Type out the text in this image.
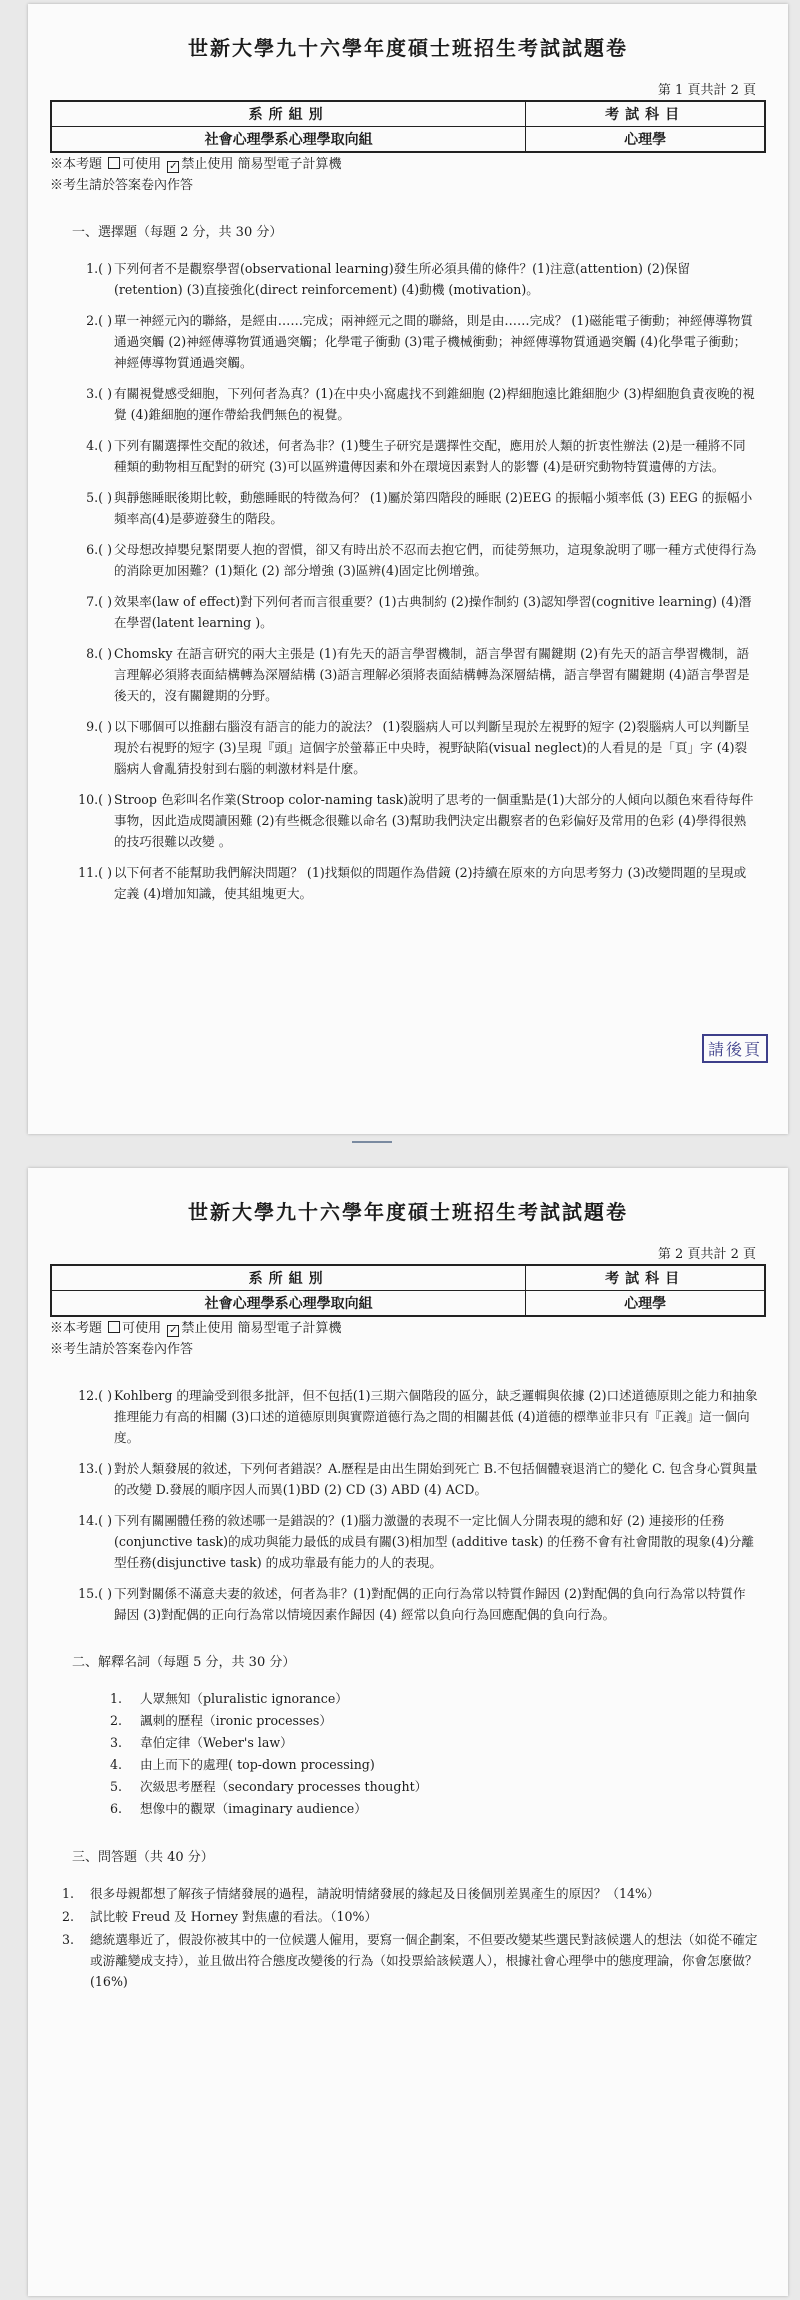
世新大學九十六學年度碩士班招生考試試題卷
第 1 頁共計 2 頁
系所組別	考試科目
社會心理學系心理學取向組	心理學
※本考題 可使用 ✓ 禁止使用 簡易型電子計算機
※考生請於答案卷內作答
一、選擇題（每題 2 分，共 30 分）
1.( ) 下列何者不是觀察學習(observational learning)發生所必須具備的條件？(1)注意(attention) (2)保留(retention) (3)直接強化(direct reinforcement) (4)動機 (motivation)。
2.( ) 單一神經元內的聯絡，是經由……完成；兩神經元之間的聯絡，則是由……完成？ (1)磁能電子衝動；神經傳導物質通過突觸 (2)神經傳導物質通過突觸；化學電子衝動 (3)電子機械衝動；神經傳導物質通過突觸 (4)化學電子衝動；神經傳導物質通過突觸。
3.( ) 有關視覺感受細胞，下列何者為真？(1)在中央小窩處找不到錐細胞 (2)桿細胞遠比錐細胞少 (3)桿細胞負責夜晚的視覺 (4)錐細胞的運作帶給我們無色的視覺。
4.( ) 下列有關選擇性交配的敘述，何者為非？(1)雙生子研究是選擇性交配，應用於人類的折衷性辦法 (2)是一種將不同種類的動物相互配對的研究 (3)可以區辨遺傳因素和外在環境因素對人的影響 (4)是研究動物特質遺傳的方法。
5.( ) 與靜態睡眠後期比較，動態睡眠的特徵為何？ (1)屬於第四階段的睡眠 (2)EEG 的振幅小頻率低 (3) EEG 的振幅小頻率高(4)是夢遊發生的階段。
6.( ) 父母想改掉嬰兒緊閉要人抱的習慣，卻又有時出於不忍而去抱它們，而徒勞無功，這現象說明了哪一種方式使得行為的消除更加困難？(1)類化 (2) 部分增強 (3)區辨(4)固定比例增強。
7.( ) 效果率(law of effect)對下列何者而言很重要？(1)古典制約 (2)操作制約 (3)認知學習(cognitive learning) (4)潛在學習(latent learning )。
8.( ) Chomsky 在語言研究的兩大主張是 (1)有先天的語言學習機制，語言學習有關鍵期 (2)有先天的語言學習機制，語言理解必須將表面結構轉為深層結構 (3)語言理解必須將表面結構轉為深層結構，語言學習有關鍵期 (4)語言學習是後天的，沒有關鍵期的分野。
9.( ) 以下哪個可以推翻右腦沒有語言的能力的說法？ (1)裂腦病人可以判斷呈現於左視野的短字 (2)裂腦病人可以判斷呈現於右視野的短字 (3)呈現『頭』這個字於螢幕正中央時，視野缺陷(visual neglect)的人看見的是「頁」字 (4)裂腦病人會亂猜投射到右腦的刺激材料是什麼。
10.( ) Stroop 色彩叫名作業(Stroop color-naming task)說明了思考的一個重點是(1)大部分的人傾向以顏色來看待每件事物，因此造成閱讀困難 (2)有些概念很難以命名 (3)幫助我們決定出觀察者的色彩偏好及常用的色彩 (4)學得很熟的技巧很難以改變 。
11.( ) 以下何者不能幫助我們解決問題？ (1)找類似的問題作為借鏡 (2)持續在原來的方向思考努力 (3)改變問題的呈現或定義 (4)增加知識，使其組塊更大。
請後頁
世新大學九十六學年度碩士班招生考試試題卷
第 2 頁共計 2 頁
系所組別	考試科目
社會心理學系心理學取向組	心理學
※本考題 可使用 ✓ 禁止使用 簡易型電子計算機
※考生請於答案卷內作答
12.( ) Kohlberg 的理論受到很多批評，但不包括(1)三期六個階段的區分，缺乏邏輯與依據 (2)口述道德原則之能力和抽象推理能力有高的相關 (3)口述的道德原則與實際道德行為之間的相關甚低 (4)道德的標準並非只有『正義』這一個向度。
13.( ) 對於人類發展的敘述，下列何者錯誤？A.歷程是由出生開始到死亡 B.不包括個體衰退消亡的變化 C. 包含身心質與量的改變 D.發展的順序因人而異(1)BD (2) CD (3) ABD (4) ACD。
14.( ) 下列有關團體任務的敘述哪一是錯誤的？(1)腦力激盪的表現不一定比個人分開表現的總和好 (2) 連接形的任務 (conjunctive task)的成功與能力最低的成員有關(3)相加型 (additive task) 的任務不會有社會閒散的現象(4)分離型任務(disjunctive task) 的成功靠最有能力的人的表現。
15.( ) 下列對關係不滿意夫妻的敘述，何者為非？(1)對配偶的正向行為常以特質作歸因 (2)對配偶的負向行為常以特質作歸因 (3)對配偶的正向行為常以情境因素作歸因 (4) 經常以負向行為回應配偶的負向行為。
二、解釋名詞（每題 5 分，共 30 分）
1.	人眾無知（pluralistic ignorance）
2.	諷刺的歷程（ironic processes）
3.	韋伯定律（Weber's law）
4.	由上而下的處理( top-down processing)
5.	次級思考歷程（secondary processes thought）
6.	想像中的觀眾（imaginary audience）
三、問答題（共 40 分）
1.	很多母親都想了解孩子情緒發展的過程，請說明情緒發展的緣起及日後個別差異產生的原因？（14%）
2.	試比較 Freud 及 Horney 對焦慮的看法。（10%）
3.	總統選舉近了，假設你被其中的一位候選人僱用，要寫一個企劃案，不但要改變某些選民對該候選人的想法（如從不確定或游離變成支持），並且做出符合態度改變後的行為（如投票給該候選人），根據社會心理學中的態度理論，你會怎麼做？(16%)
